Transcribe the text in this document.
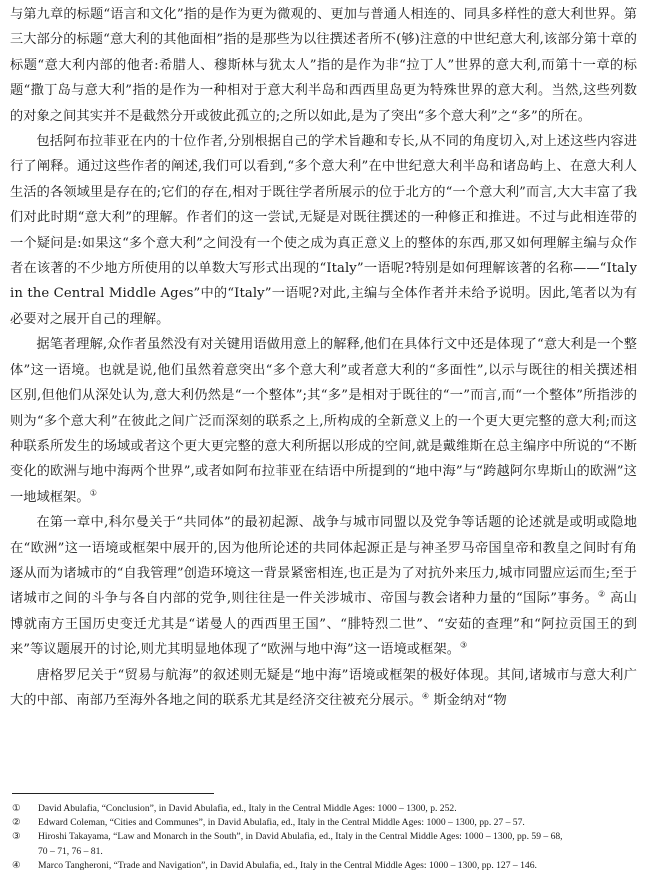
与第九章的标题“语言和文化”指的是作为更为微观的、更加与普通人相连的、同具多样性的意大利世界。第三大部分的标题“意大利的其他面相”指的是那些为以往撰述者所不(够)注意的中世纪意大利,该部分第十章的标题“意大利内部的他者:希腊人、穆斯林与犹太人”指的是作为非“拉丁人”世界的意大利,而第十一章的标题“撒丁岛与意大利”指的是作为一种相对于意大利半岛和西西里岛更为特殊世界的意大利。当然,这些列数的对象之间其实并不是截然分开或彼此孤立的;之所以如此,是为了突出“多个意大利”之“多”的所在。

包括阿布拉菲亚在内的十位作者,分别根据自己的学术旨趣和专长,从不同的角度切入,对上述这些内容进行了阐释。通过这些作者的阐述,我们可以看到,“多个意大利”在中世纪意大利半岛和诸岛屿上、在意大利人生活的各领域里是存在的;它们的存在,相对于既往学者所展示的位于北方的“一个意大利”而言,大大丰富了我们对此时期“意大利”的理解。作者们的这一尝试,无疑是对既往撰述的一种修正和推进。不过与此相连带的一个疑问是:如果这“多个意大利”之间没有一个使之成为真正意义上的整体的东西,那又如何理解主编与众作者在该著的不少地方所使用的以单数大写形式出现的“Italy”一语呢?特别是如何理解该著的名称——“Italy in the Central Middle Ages”中的“Italy”一语呢?对此,主编与全体作者并未给予说明。因此,笔者以为有必要对之展开自己的理解。

据笔者理解,众作者虽然没有对关键用语做用意上的解释,他们在具体行文中还是体现了“意大利是一个整体”这一语境。也就是说,他们虽然着意突出“多个意大利”或者意大利的“多面性”,以示与既往的相关撰述相区别,但他们从深处认为,意大利仍然是“一个整体”;其“多”是相对于既往的“一”而言,而“一个整体”所指涉的则为“多个意大利”在彼此之间广泛而深刻的联系之上,所构成的全新意义上的一个更大更完整的意大利;而这种联系所发生的场域或者这个更大更完整的意大利所据以形成的空间,就是戴维斯在总主编序中所说的“不断变化的欧洲与地中海两个世界”,或者如阿布拉菲亚在结语中所提到的“地中海”与“跨越阿尔卑斯山的欧洲”这一地域框架。①

在第一章中,科尔曼关于“共同体”的最初起源、战争与城市同盟以及党争等话题的论述就是或明或隐地在“欧洲”这一语境或框架中展开的,因为他所论述的共同体起源正是与神圣罗马帝国皇帝和教皇之间时有角逐从而为诸城市的“自我管理”创造环境这一背景紧密相连,也正是为了对抗外来压力,城市同盟应运而生;至于诸城市之间的斗争与各自内部的党争,则往往是一件关涉城市、帝国与教会诸种力量的“国际”事务。② 高山博就南方王国历史变迁尤其是“诺曼人的西西里王国”、“腓特烈二世”、“安茹的查理”和“阿拉贡国王的到来”等议题展开的讨论,则尤其明显地体现了“欧洲与地中海”这一语境或框架。③

唐格罗尼关于“贸易与航海”的叙述则无疑是“地中海”语境或框架的极好体现。其间,诸城市与意大利广大的中部、南部乃至海外各地之间的联系尤其是经济交往被充分展示。④ 斯金纳对“物

①	David Abulafia, “Conclusion”, in David Abulafia, ed., Italy in the Central Middle Ages: 1000 – 1300, p. 252.
②	Edward Coleman, “Cities and Communes”, in David Abulafia, ed., Italy in the Central Middle Ages: 1000 – 1300, pp. 27 – 57.
③	Hiroshi Takayama, “Law and Monarch in the South”, in David Abulafia, ed., Italy in the Central Middle Ages: 1000 – 1300, pp. 59 – 68,
70 – 71, 76 – 81.
④	Marco Tangheroni, “Trade and Navigation”, in David Abulafia, ed., Italy in the Central Middle Ages: 1000 – 1300, pp. 127 – 146.
